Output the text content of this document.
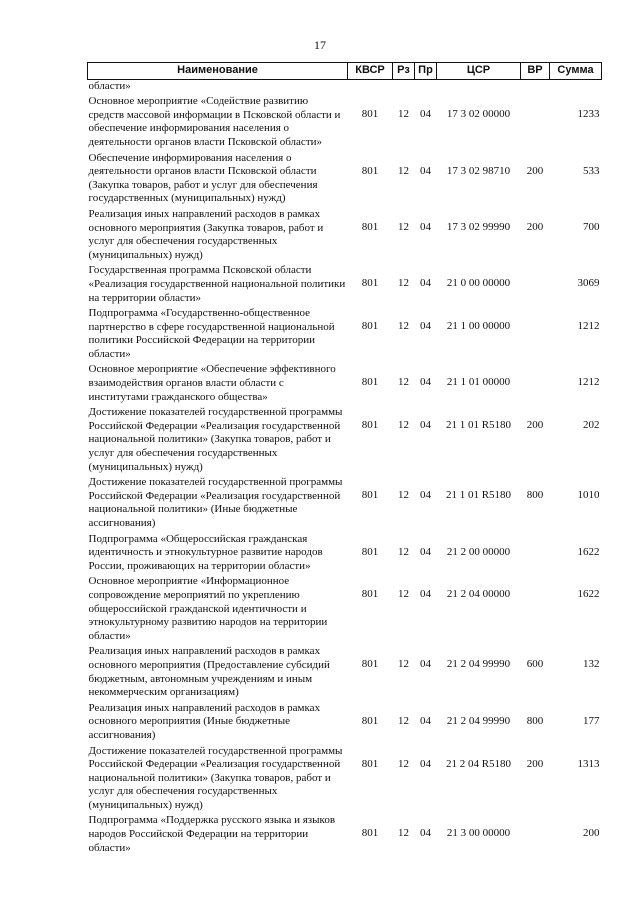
17
Наименование	КВСР	Рз	Пр	ЦСР	ВР	Сумма
области»						
Основное мероприятие «Содействие развитию средств массовой информации в Псковской области и обеспечение информирования населения о деятельности органов власти Псковской области»	801	12	04	17 3 02 00000		1233
Обеспечение информирования населения о деятельности органов власти Псковской области (Закупка товаров, работ и услуг для обеспечения государственных (муниципальных) нужд)	801	12	04	17 3 02 98710	200	533
Реализация иных направлений расходов в рамках основного мероприятия (Закупка товаров, работ и услуг для обеспечения государственных (муниципальных) нужд)	801	12	04	17 3 02 99990	200	700
Государственная программа Псковской области «Реализация государственной национальной политики на территории области»	801	12	04	21 0 00 00000		3069
Подпрограмма «Государственно-общественное партнерство в сфере государственной национальной политики Российской Федерации на территории области»	801	12	04	21 1 00 00000		1212
Основное мероприятие «Обеспечение эффективного взаимодействия органов власти области с институтами гражданского общества»	801	12	04	21 1 01 00000		1212
Достижение показателей государственной программы Российской Федерации «Реализация государственной национальной политики» (Закупка товаров, работ и услуг для обеспечения государственных (муниципальных) нужд)	801	12	04	21 1 01 R5180	200	202
Достижение показателей государственной программы Российской Федерации «Реализация государственной национальной политики» (Иные бюджетные ассигнования)	801	12	04	21 1 01 R5180	800	1010
Подпрограмма «Общероссийская гражданская идентичность и этнокультурное развитие народов России, проживающих на территории области»	801	12	04	21 2 00 00000		1622
Основное мероприятие «Информационное сопровождение мероприятий по укреплению общероссийской гражданской идентичности и этнокультурному развитию народов на территории области»	801	12	04	21 2 04 00000		1622
Реализация иных направлений расходов в рамках основного мероприятия (Предоставление субсидий бюджетным, автономным учреждениям и иным некоммерческим организациям)	801	12	04	21 2 04 99990	600	132
Реализация иных направлений расходов в рамках основного мероприятия (Иные бюджетные ассигнования)	801	12	04	21 2 04 99990	800	177
Достижение показателей государственной программы Российской Федерации «Реализация государственной национальной политики» (Закупка товаров, работ и услуг для обеспечения государственных (муниципальных) нужд)	801	12	04	21 2 04 R5180	200	1313
Подпрограмма «Поддержка русского языка и языков народов Российской Федерации на территории области»	801	12	04	21 3 00 00000		200
